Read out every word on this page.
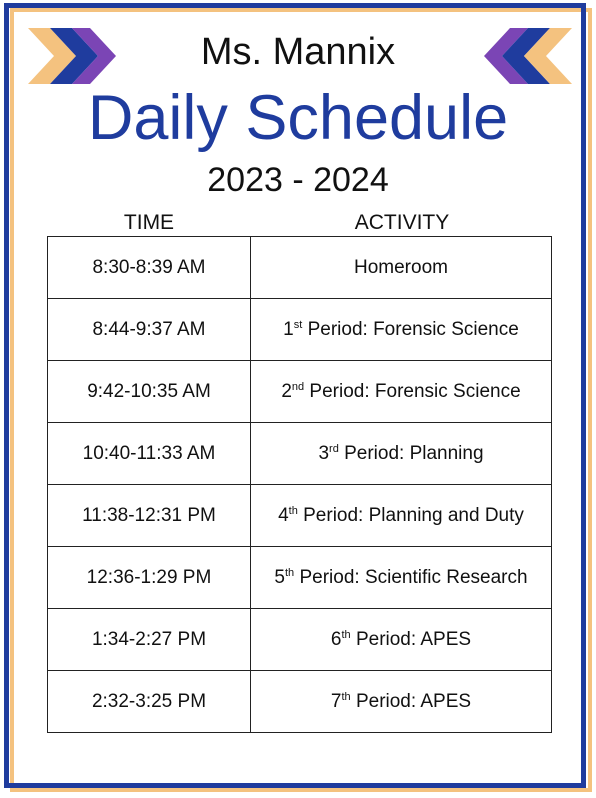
Ms. Mannix
Daily Schedule
2023 - 2024
TIME	ACTIVITY
8:30-8:39 AM	Homeroom
8:44-9:37 AM	1st Period: Forensic Science
9:42-10:35 AM	2nd Period: Forensic Science
10:40-11:33 AM	3rd Period: Planning
11:38-12:31 PM	4th Period: Planning and Duty
12:36-1:29 PM	5th Period: Scientific Research
1:34-2:27 PM	6th Period: APES
2:32-3:25 PM	7th Period: APES
